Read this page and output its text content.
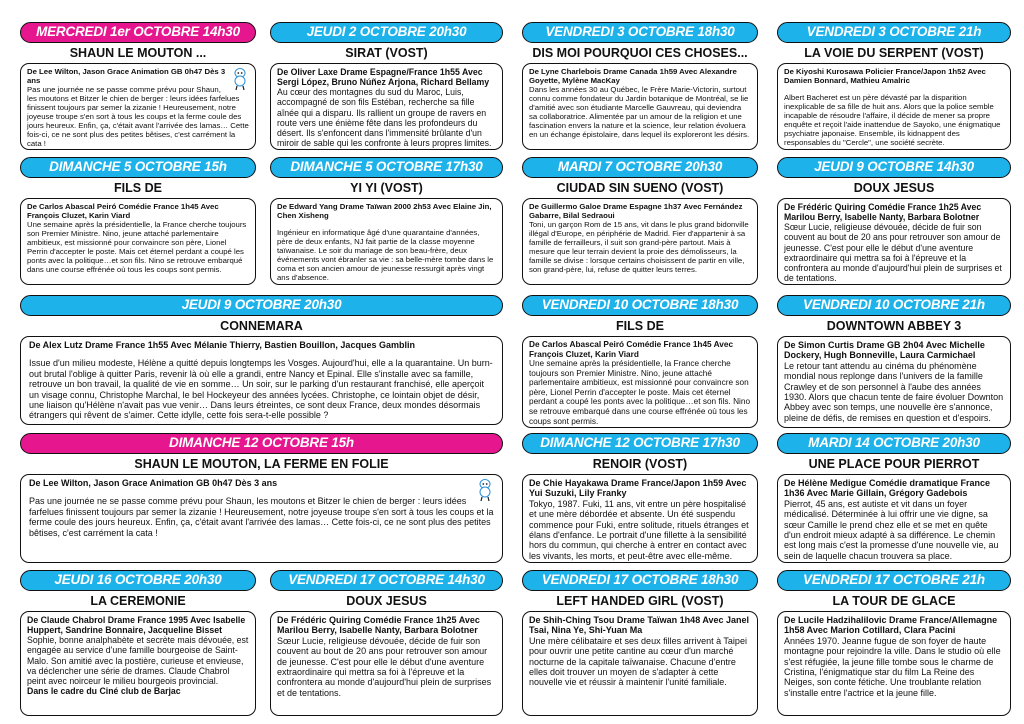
MERCREDI 1er OCTOBRE 14h30
SHAUN LE MOUTON ...
De Lee Wilton, Jason Grace Animation GB 0h47 Dès 3 ans
Pas une journée ne se passe comme prévu pour Shaun, les moutons et Bitzer le chien de berger : leurs idées farfelues finissent toujours par semer la zizanie ! Heureusement, notre joyeuse troupe s'en sort à tous les coups et la ferme coule des jours heureux. Enfin, ça, c'était avant l'arrivée des lamas… Cette fois-ci, ce ne sont plus des petites bêtises, c'est carrément la cata !
JEUDI 2 OCTOBRE 20h30
SIRAT (VOST)
De Oliver Laxe Drame Espagne/France 1h55 Avec Sergi López, Bruno Núñez Arjona, Richard Bellamy
Au cœur des montagnes du sud du Maroc, Luis, accompagné de son fils Estéban, recherche sa fille aînée qui a disparu. Ils rallient un groupe de ravers en route vers une énième fête dans les profondeurs du désert. Ils s'enfoncent dans l'immensité brûlante d'un miroir de sable qui les confronte à leurs propres limites.
VENDREDI 3 OCTOBRE 18h30
DIS MOI POURQUOI CES CHOSES...
De Lyne Charlebois Drame Canada 1h59 Avec Alexandre Goyette, Mylène MacKay
Dans les années 30 au Québec, le Frère Marie-Victorin, surtout connu comme fondateur du Jardin botanique de Montréal, se lie d'amitié avec son étudiante Marcelle Gauvreau, qui deviendra sa collaboratrice. Alimentée par un amour de la religion et une fascination envers la nature et la science, leur relation évoluera en un échange épistolaire, dans lequel ils exploreront les désirs.
VENDREDI 3 OCTOBRE 21h
LA VOIE DU SERPENT (VOST)
De Kiyoshi Kurosawa Policier France/Japon 1h52 Avec Damien Bonnard, Mathieu Amalric
Albert Bacheret est un père dévasté par la disparition inexplicable de sa fille de huit ans. Alors que la police semble incapable de résoudre l'affaire, il décide de mener sa propre enquête et reçoit l'aide inattendue de Sayoko, une énigmatique psychiatre japonaise. Ensemble, ils kidnappent des responsables du "Cercle", une société secrète.
DIMANCHE 5 OCTOBRE 15h
FILS DE
De Carlos Abascal Peiró Comédie France 1h45 Avec François Cluzet, Karin Viard
Une semaine après la présidentielle, la France cherche toujours son Premier Ministre. Nino, jeune attaché parlementaire ambitieux, est missionné pour convaincre son père, Lionel Perrin d'accepter le poste. Mais cet éternel perdant a coupé les ponts avec la politique…et son fils. Nino se retrouve embarqué dans une course effrénée où tous les coups sont permis.
DIMANCHE 5 OCTOBRE 17h30
YI YI (VOST)
De Edward Yang Drame Taïwan 2000 2h53 Avec Elaine Jin, Chen Xisheng
Ingénieur en informatique âgé d'une quarantaine d'années, père de deux enfants, NJ fait partie de la classe moyenne taïwanaise. Le soir du mariage de son beau-frère, deux événements vont ébranler sa vie : sa belle-mère tombe dans le coma et son ancien amour de jeunesse ressurgit après vingt ans d'absence.
MARDI 7 OCTOBRE 20h30
CIUDAD SIN SUENO (VOST)
De Guillermo Galoe Drame Espagne 1h37 Avec Fernández Gabarre, Bilal Sedraoui
Toni, un garçon Rom de 15 ans, vit dans le plus grand bidonville illégal d'Europe, en périphérie de Madrid. Fier d'appartenir à sa famille de ferrailleurs, il suit son grand-père partout. Mais à mesure que leur terrain devient la proie des démolisseurs, la famille se divise : lorsque certains choisissent de partir en ville, son grand-père, lui, refuse de quitter leurs terres.
JEUDI 9 OCTOBRE 14h30
DOUX JESUS
De Frédéric Quiring Comédie France 1h25 Avec Marilou Berry, Isabelle Nanty, Barbara Bolotner
Sœur Lucie, religieuse dévouée, décide de fuir son couvent au bout de 20 ans pour retrouver son amour de jeunesse. C'est pour elle le début d'une aventure extraordinaire qui mettra sa foi à l'épreuve et la confrontera au monde d'aujourd'hui plein de surprises et de tentations.
JEUDI 9 OCTOBRE 20h30
CONNEMARA
De Alex Lutz Drame France 1h55 Avec Mélanie Thierry, Bastien Bouillon, Jacques Gamblin
Issue d'un milieu modeste, Hélène a quitté depuis longtemps les Vosges. Aujourd'hui, elle a la quarantaine. Un burn-out brutal l'oblige à quitter Paris, revenir là où elle a grandi, entre Nancy et Epinal. Elle s'installe avec sa famille, retrouve un bon travail, la qualité de vie en somme… Un soir, sur le parking d'un restaurant franchisé, elle aperçoit un visage connu, Christophe Marchal, le bel Hockeyeur des années lycées. Christophe, ce lointain objet de désir, une liaison qu'Hélène n'avait pas vue venir… Dans leurs étreintes, ce sont deux France, deux mondes désormais étrangers qui rêvent de s'aimer. Cette idylle, cette fois sera-t-elle possible ?
VENDREDI 10 OCTOBRE 18h30
FILS DE
De Carlos Abascal Peiró Comédie France 1h45 Avec François Cluzet, Karin Viard
Une semaine après la présidentielle, la France cherche toujours son Premier Ministre. Nino, jeune attaché parlementaire ambitieux, est missionné pour convaincre son père, Lionel Perrin d'accepter le poste. Mais cet éternel perdant a coupé les ponts avec la politique…et son fils. Nino se retrouve embarqué dans une course effrénée où tous les coups sont permis.
VENDREDI 10 OCTOBRE 21h
DOWNTOWN ABBEY 3
De Simon Curtis Drame GB 2h04 Avec Michelle Dockery, Hugh Bonneville, Laura Carmichael
Le retour tant attendu au cinéma du phénomène mondial nous replonge dans l'univers de la famille Crawley et de son personnel à l'aube des années 1930. Alors que chacun tente de faire évoluer Downton Abbey avec son temps, une nouvelle ère s'annonce, pleine de défis, de remises en question et d'espoirs.
DIMANCHE 12 OCTOBRE 15h
SHAUN LE MOUTON, LA FERME EN FOLIE
De Lee Wilton, Jason Grace Animation GB 0h47 Dès 3 ans
Pas une journée ne se passe comme prévu pour Shaun, les moutons et Bitzer le chien de berger : leurs idées farfelues finissent toujours par semer la zizanie ! Heureusement, notre joyeuse troupe s'en sort à tous les coups et la ferme coule des jours heureux. Enfin, ça, c'était avant l'arrivée des lamas… Cette fois-ci, ce ne sont plus des petites bêtises, c'est carrément la cata !
DIMANCHE 12 OCTOBRE 17h30
RENOIR (VOST)
De Chie Hayakawa Drame France/Japon 1h59 Avec Yui Suzuki, Lily Franky
Tokyo, 1987. Fuki, 11 ans, vit entre un père hospitalisé et une mère débordée et absente. Un été suspendu commence pour Fuki, entre solitude, rituels étranges et élans d'enfance. Le portrait d'une fillette à la sensibilité hors du commun, qui cherche à entrer en contact avec les vivants, les morts, et peut-être avec elle-même.
MARDI 14 OCTOBRE 20h30
UNE PLACE POUR PIERROT
De Hélène Medigue Comédie dramatique France 1h36 Avec Marie Gillain, Grégory Gadebois
Pierrot, 45 ans, est autiste et vit dans un foyer médicalisé. Déterminée à lui offrir une vie digne, sa sœur Camille le prend chez elle et se met en quête d'un endroit mieux adapté à sa différence. Le chemin est long mais c'est la promesse d'une nouvelle vie, au sein de laquelle chacun trouvera sa place.
JEUDI 16 OCTOBRE 20h30
LA CEREMONIE
De Claude Chabrol Drame France 1995 Avec Isabelle Huppert, Sandrine Bonnaire, Jacqueline Bisset
Sophie, bonne analphabète et secrète mais dévouée, est engagée au service d'une famille bourgeoise de Saint-Malo. Son amitié avec la postière, curieuse et envieuse, va déclencher une série de drames. Claude Chabrol peint avec noirceur le milieu bourgeois provincial.
Dans le cadre du Ciné club de Barjac
VENDREDI 17 OCTOBRE 14h30
DOUX JESUS
De Frédéric Quiring Comédie France 1h25 Avec Marilou Berry, Isabelle Nanty, Barbara Bolotner
Sœur Lucie, religieuse dévouée, décide de fuir son couvent au bout de 20 ans pour retrouver son amour de jeunesse. C'est pour elle le début d'une aventure extraordinaire qui mettra sa foi à l'épreuve et la confrontera au monde d'aujourd'hui plein de surprises et de tentations.
VENDREDI 17 OCTOBRE 18h30
LEFT HANDED GIRL (VOST)
De Shih-Ching Tsou Drame Taïwan 1h48 Avec Janel Tsai, Nina Ye, Shi-Yuan Ma
Une mère célibataire et ses deux filles arrivent à Taipei pour ouvrir une petite cantine au cœur d'un marché nocturne de la capitale taïwanaise. Chacune d'entre elles doit trouver un moyen de s'adapter à cette nouvelle vie et réussir à maintenir l'unité familiale.
VENDREDI 17 OCTOBRE 21h
LA TOUR DE GLACE
De Lucile Hadzihalilovic Drame France/Allemagne 1h58 Avec Marion Cotillard, Clara Pacini
Années 1970. Jeanne fugue de son foyer de haute montagne pour rejoindre la ville. Dans le studio où elle s'est réfugiée, la jeune fille tombe sous le charme de Cristina, l'énigmatique star du film La Reine des Neiges, son conte fétiche. Une troublante relation s'installe entre l'actrice et la jeune fille.
